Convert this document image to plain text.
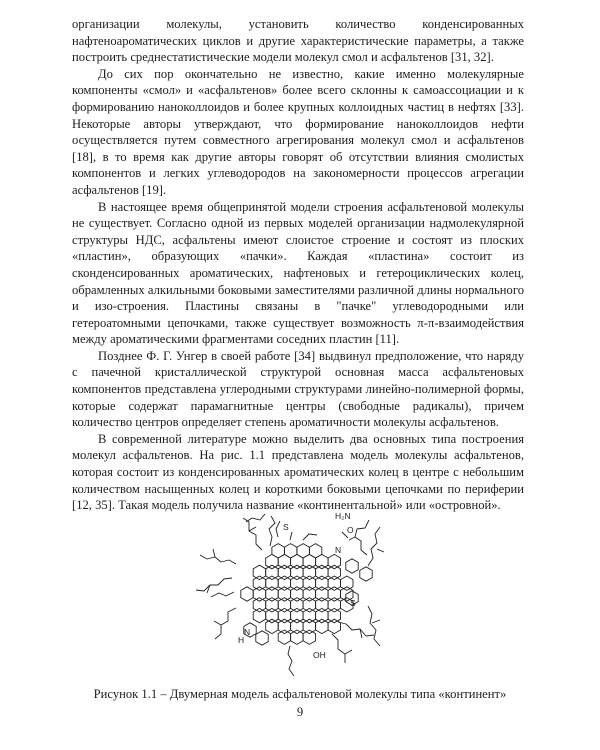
организации молекулы, установить количество конденсированных нафтеноароматических циклов и другие характеристические параметры, а также построить среднестатистические модели молекул смол и асфальтенов [31, 32].

До сих пор окончательно не известно, какие именно молекулярные компоненты «смол» и «асфальтенов» более всего склонны к самоассоциации и к формированию наноколлоидов и более крупных коллоидных частиц в нефтях [33]. Некоторые авторы утверждают, что формирование наноколлоидов нефти осуществляется путем совместного агрегирования молекул смол и асфальтенов [18], в то время как другие авторы говорят об отсутствии влияния смолистых компонентов и легких углеводородов на закономерности процессов агрегации асфальтенов [19].

В настоящее время общепринятой модели строения асфальтеновой молекулы не существует. Согласно одной из первых моделей организации надмолекулярной структуры НДС, асфальтены имеют слоистое строение и состоят из плоских «пластин», образующих «пачки». Каждая «пластина» состоит из сконденсированных ароматических, нафтеновых и гетероциклических колец, обрамленных алкильными боковыми заместителями различной длины нормального и изо-строения. Пластины связаны в "пачке" углеводородными или гетероатомными цепочками, также существует возможность π-π-взаимодействия между ароматическими фрагментами соседних пластин [11].

Позднее Ф. Г. Унгер в своей работе [34] выдвинул предположение, что наряду с пачечной кристаллической структурой основная масса асфальтеновых компонентов представлена углеродными структурами линейно-полимерной формы, которые содержат парамагнитные центры (свободные радикалы), причем количество центров определяет степень ароматичности молекулы асфальтенов.

В современной литературе можно выделить два основных типа построения молекул асфальтенов. На рис. 1.1 представлена модель молекулы асфальтенов, которая состоит из конденсированных ароматических колец в центре с небольшим количеством насыщенных колец и короткими боковыми цепочками по периферии [12, 35]. Такая модель получила название «континентальной» или «островной».

S
S
N
N
H
OH
H₂N
O
Рисунок 1.1 – Двумерная модель асфальтеновой молекулы типа «континент»
9
